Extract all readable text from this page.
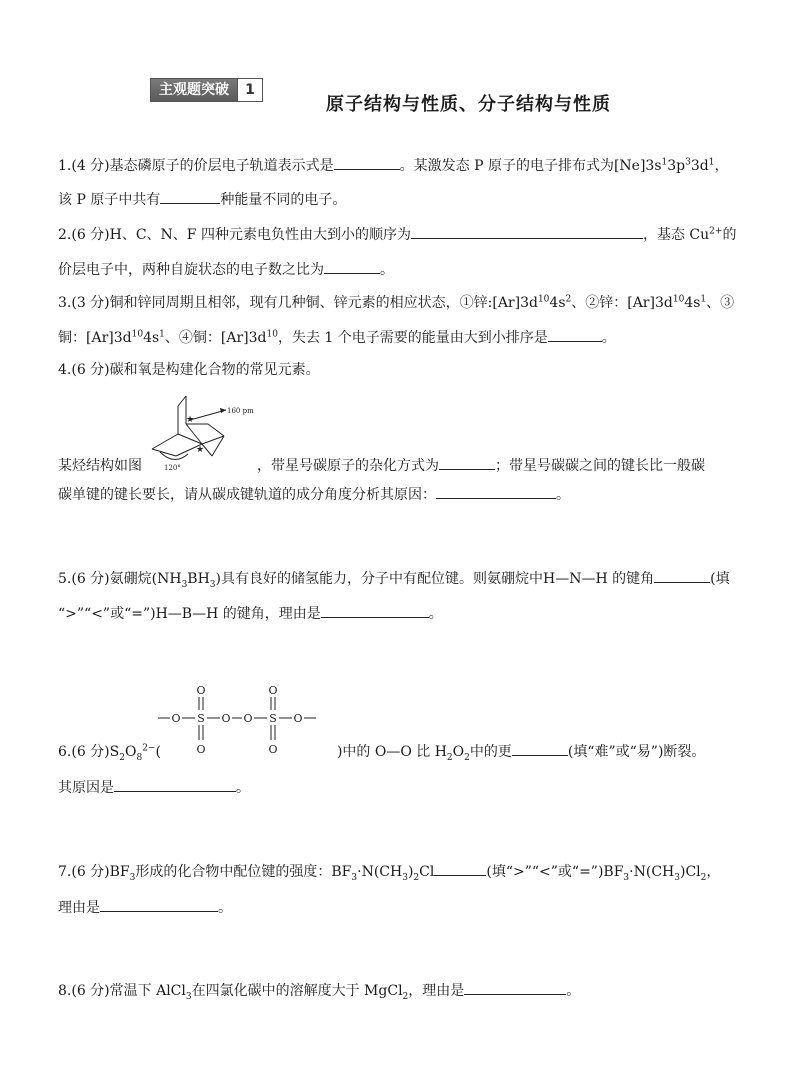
主观题突破	1
原子结构与性质、分子结构与性质
1.(4 分)基态磷原子的价层电子轨道表示式是	。某激发态 P 原子的电子排布式为$[Ne]3s^13p^33d^1$，
该 P 原子中共有	种能量不同的电子。
2.(6 分)H、C、N、F 四种元素电负性由大到小的顺序为	，基态 $Cu^{2+}$的
价层电子中，两种自旋状态的电子数之比为	。
3.(3 分)铜和锌同周期且相邻，现有几种铜、锌元素的相应状态，①锌$:[Ar]3d^{10}4s^2$、②锌：$[Ar]3d^{10}4s^1$、③
铜：$[Ar]3d^{10}4s^1$、④铜：$[Ar]3d^{10}$，失去 1 个电子需要的能量由大到小排序是	。
4.(6 分)碳和氧是构建化合物的常见元素。
★
★
160 pm
120°
某烃结构如图	，带星号碳原子的杂化方式为	；带星号碳碳之间的键长比一般碳
碳单键的键长要长，请从碳成键轨道的成分角度分析其原因：	。
5.(6 分)氨硼烷$(NH_3BH_3)$具有良好的储氢能力，分子中有配位键。则氨硼烷中H—N—H 的键角	(填
“>”“<”或“=”)H—B—H 的键角，理由是	。
O
O
O
O
O S O O S O
6.(6 分)$S_2O_8^{2-}$(	)中的 O—O 比 $H_2O_2$中的更	(填“难”或“易”)断裂。
其原因是	。
7.(6 分)$BF_3$形成的化合物中配位键的强度：$BF_3\cdot N(CH_3)_2Cl$	(填“>”“<”或“$=”)BF_3\cdot N(CH_3)Cl_2$，
理由是	。
8.(6 分)常温下 AlCl$_3$在四氯化碳中的溶解度大于 MgCl$_2$，理由是	。
